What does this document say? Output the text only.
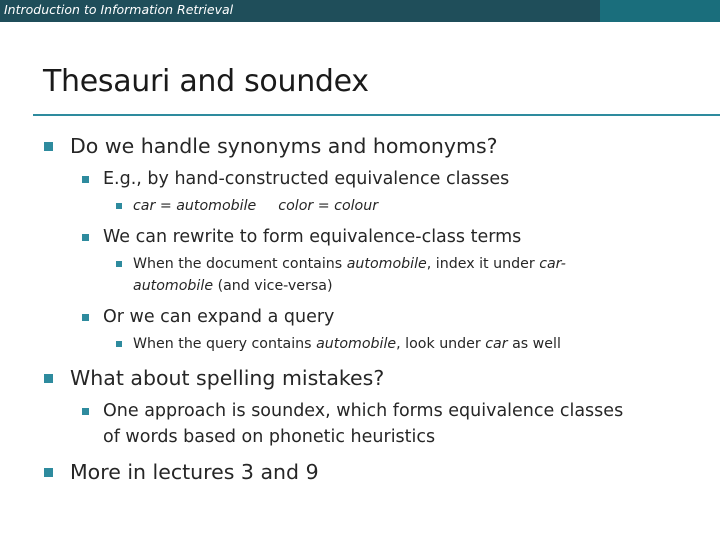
Introduction to Information Retrieval
Thesauri and soundex
Do we handle synonyms and homonyms?
E.g., by hand-constructed equivalence classes
car = automobile color = colour
We can rewrite to form equivalence-class terms
When the document contains automobile, index it under car-
automobile (and vice-versa)
Or we can expand a query
When the query contains automobile, look under car as well
What about spelling mistakes?
One approach is soundex, which forms equivalence classes
of words based on phonetic heuristics
More in lectures 3 and 9
